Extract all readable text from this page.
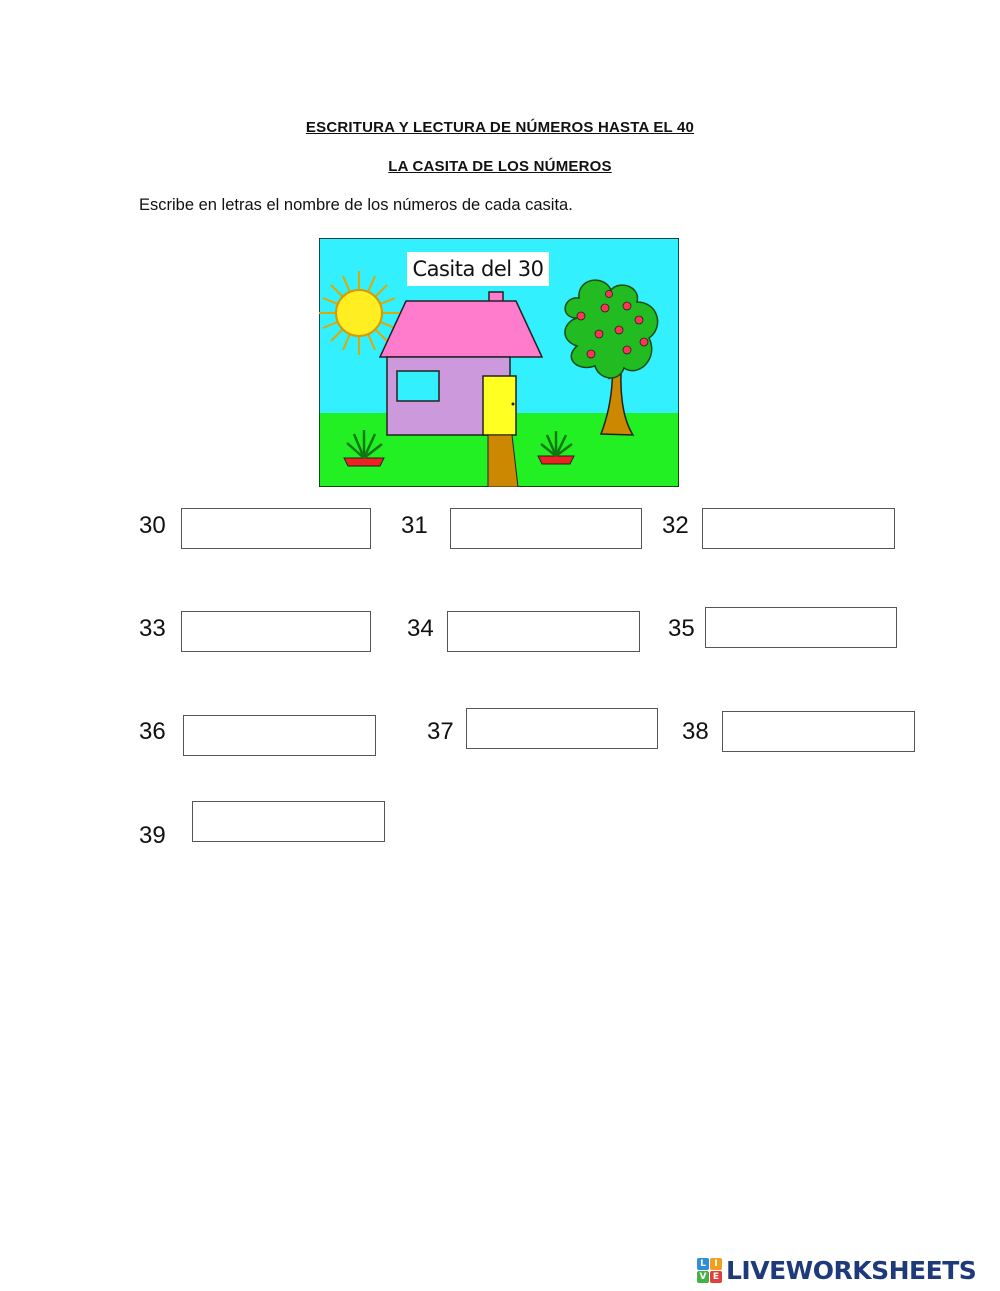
ESCRITURA Y LECTURA DE NÚMEROS HASTA EL 40
LA CASITA DE LOS NÚMEROS
Escribe en letras el nombre de los números de cada casita.
Casita del 30
30	31	32
33	34	35
36	37	38
39
L I
V E LIVEWORKSHEETS
